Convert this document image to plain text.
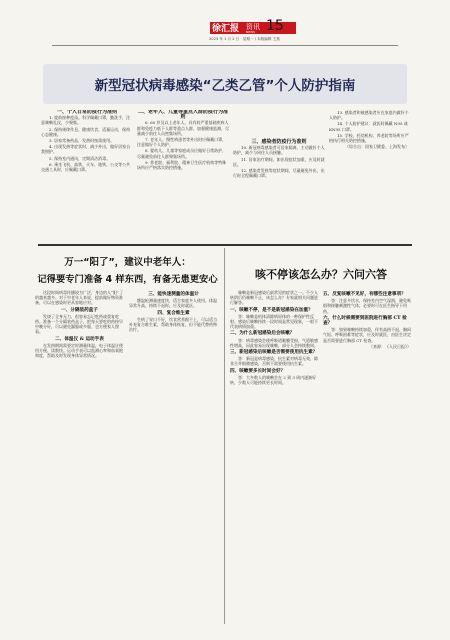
徐汇报 资讯
NEWS 15
2023 年 1 月 2 日　星期一 / 本版编辑 王燕
新型冠状病毒感染“乙类乙管”个人防护指南
一、个人日常防疫行为准则

1. 提前接种疫苗。科学佩戴口罩，勤洗手，注意咳嗽礼仪，少聚集。

2. 保持规律作息、健康饮食、适量运动，保持心态健康。

3. 居家常备药品，发热时按需使用。

4. 出现发热等症状时，减少外出，做好居家自我照护。

5. 保持室内通风，定期清洁消毒。

6. 乘坐飞机、高铁、火车、地铁、公交等公共交通工具时，应佩戴口罩。

二、老年人、儿童等重点人群防疫行为准则

6. 60 岁及以上老年人、具有较严重基础疾病人群和免疫力低下人群等重点人群，加强健康监测，尽量减少前往人员密集场所。

7. 老年人、慢性病患者等外出时应佩戴口罩，注意做好个人防护。

8. 婴幼儿、儿童等家庭成员应做好日常防护，尽量避免前往人群聚集场所。

9. 养老院、福利院、精神卫生医疗机构等特殊场所应严格落实防控措施。

三、感染者防疫行为准则

10. 新冠病毒感染者可居家隔离，主动做好个人防护，减少与同住人员接触。

11. 居家治疗期间，如出现症状加重，应及时就医。

12. 感染者发热等症状期间，尽量避免外出，出行时全程佩戴口罩。

13. 感染者和被感染者应在家庭内做好个人防护。

14. 个人防护建议：就医时佩戴 N95 或 KN95 口罩。

15. 学校、托幼机构、养老院等场所应严格执行相关防控措施。

（综合自：国家卫健委、上海发布）

万一“阳了”，建议中老年人：
记得要专门准备 4 样东西，有备无患更安心

这段时间病毒传播较为广泛，身边的人“阳”了的越来越多。对于中老年人来说，提前做好物资准备，可以在感染时更从容地应对。

一、分隔装药盒子

发烧了全身无力，很容易忘记吃药或重复吃药。准备一个分隔装药盒子，把每天要吃的药按早中晚分好，可以避免漏服或多服，也方便家人照看。

二、体温仪 & 运动手表

在发热期间需要定时测量体温，电子体温计使用方便、读数快。运动手表可以监测心率和血氧饱和度，帮助及时发现身体异常情况。

三、能快速测量的体温计

额温枪测量速度快，适合家庭多人使用。体温异常升高、持续不退时，应及时就医。

四、复合维生素

生病了胃口不好，饮食营养跟不上，可以适当补充复合维生素，帮助身体恢复，但不能代替药物治疗。

咳不停该怎么办？六问六答

咳嗽是新冠感染后最常见的症状之一。不少人转阴后仍咳嗽不止，该怎么办？专家就相关问题进行解答。

一、咳嗽不停，是不是新冠感染在加重？

答：咳嗽是机体清除病原体的一种保护性反射。感染后咳嗽持续一段时间是常见现象，一般不代表病情加重。

二、为什么新冠感染后会咳嗽？

答：病毒感染会使呼吸道黏膜受损，气道敏感性增高，因此容易出现咳嗽，部分人会持续数周。

三、新冠感染后咳嗽是否需要使用抗生素？

答：新冠是病毒感染，抗生素对病毒无效，除非合并细菌感染，否则不需要使用抗生素。

四、咳嗽要多长时间会好？

答：大多数人的咳嗽会在 2 到 3 周内逐渐好转，少数人可能持续更长时间。

五、反复咳嗽不见好，有哪些注意事项？

答：注意多饮水，保持室内空气湿润，避免吸烟和接触刺激性气体，必要时可在医生指导下用药。

六、什么时候需要到医院进行胸部 CT 检查？

答：如果咳嗽持续加重，伴有高热不退、胸闷气短、呼吸困难等症状，应及时就医，由医生决定是否需要进行胸部 CT 检查。

（来源：《人民日报》）
